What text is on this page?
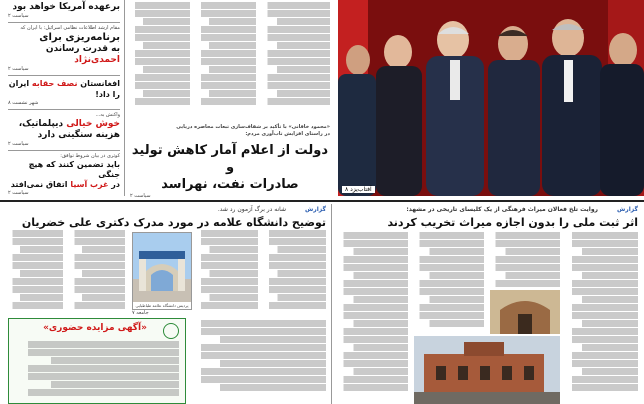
برعهده آمریکا خواهد بود
سیاست ۲
مقام ارشد اطلاعات نظامی اسرائیل: با ایران که
برنامه‌ریزی برای
به قدرت رساندن احمدی‌نژاد
سیاست ۲
افغانستان نصف حقابه ایران را داد!
شهر نشست ۸
واکنش به...
خوش خیالی دیپلماتیک،
هزینه سنگینی دارد
سیاست ۲
کوثری در بیان شروط توافق:
باید تضمین کنند که هیچ جنگی
در غرب آسیا اتفاق نمی‌افتد
سیاست ۲
«محمود خاقانی» با تأکید بر شفاف‌سازی تبعات محاصره دریایی
در راستای افزایش تاب‌آوری مردم:
دولت از اعلام آمار کاهش تولید و
صادرات نفت، نهراسد
سیاست ۲
آفتاب‌یزد ۸
گزارش
شانه در برگ آزمون رد شد.
توضیح دانشگاه علامه در مورد مدرک دکتری علی خضریان
پردیس دانشگاه علامه طباطبایی
جامعه ۷
«آگهی مزایده حضوری»
گزارش
روایت تلخ فعالان میراث فرهنگی از یک کلیسای تاریخی در مشهد:
اثر ثبت ملی را بدون اجازه میراث تخریب کردند
